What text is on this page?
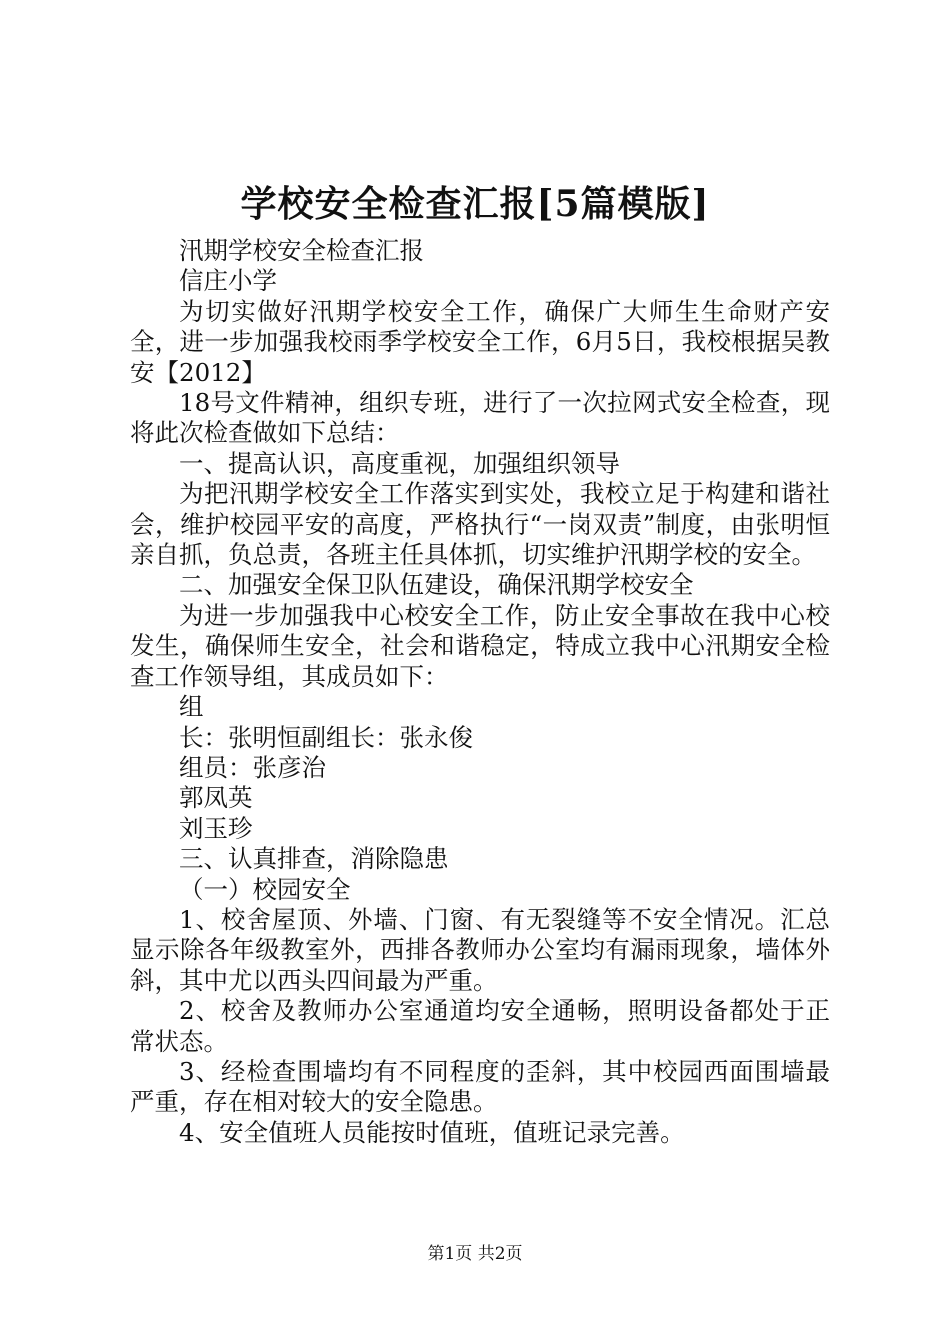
学校安全检查汇报[5篇模版]

汛期学校安全检查汇报

信庄小学

为切实做好汛期学校安全工作，确保广大师生生命财产安全，进一步加强我校雨季学校安全工作，6月5日，我校根据吴教安【2012】

18号文件精神，组织专班，进行了一次拉网式安全检查，现将此次检查做如下总结：

一、提高认识，高度重视，加强组织领导

为把汛期学校安全工作落实到实处，我校立足于构建和谐社会，维护校园平安的高度，严格执行“一岗双责”制度，由张明恒亲自抓，负总责，各班主任具体抓，切实维护汛期学校的安全。

二、加强安全保卫队伍建设，确保汛期学校安全

为进一步加强我中心校安全工作，防止安全事故在我中心校发生，确保师生安全，社会和谐稳定，特成立我中心汛期安全检查工作领导组，其成员如下：

组

长：张明恒副组长：张永俊

组员：张彦治

郭凤英

刘玉珍

三、认真排查，消除隐患

（一）校园安全

1、校舍屋顶、外墙、门窗、有无裂缝等不安全情况。汇总显示除各年级教室外，西排各教师办公室均有漏雨现象，墙体外斜，其中尤以西头四间最为严重。

2、校舍及教师办公室通道均安全通畅，照明设备都处于正常状态。

3、经检查围墙均有不同程度的歪斜，其中校园西面围墙最严重，存在相对较大的安全隐患。

4、安全值班人员能按时值班，值班记录完善。

第1页 共2页
